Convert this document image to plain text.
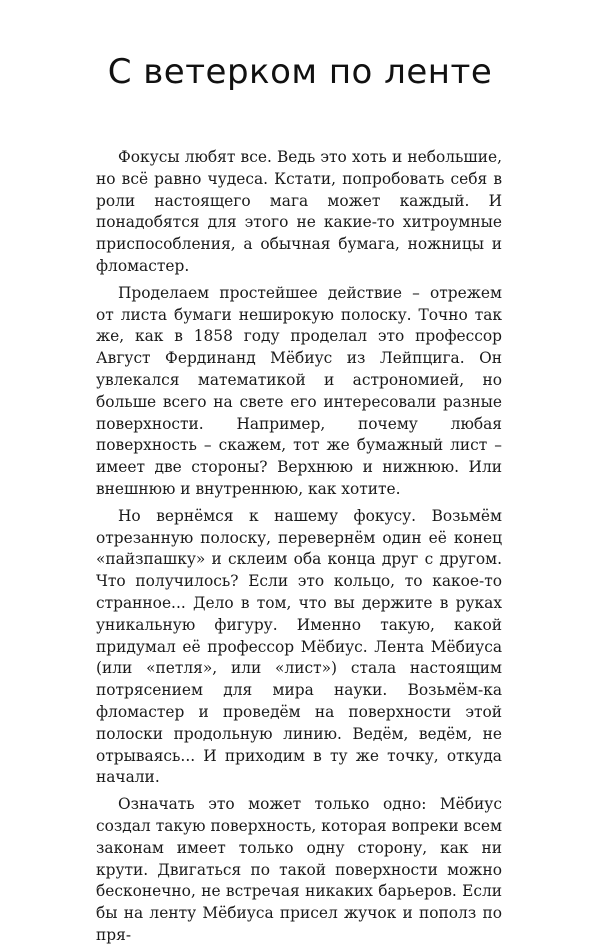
С ветерком по ленте

Фокусы любят все. Ведь это хоть и небольшие, но всё равно чудеса. Кстати, попробовать себя в роли настоящего мага может каждый. И понадобятся для этого не какие-то хитроумные приспособления, а обычная бумага, ножницы и фломастер.

Проделаем простейшее действие – отрежем от листа бумаги неширокую полоску. Точно так же, как в 1858 году проделал это профессор Август Фердинанд Мёбиус из Лейпцига. Он увлекался математикой и астрономией, но больше всего на свете его интересовали разные поверхности. Например, почему любая поверхность – скажем, тот же бумажный лист – имеет две стороны? Верхнюю и нижнюю. Или внешнюю и внутреннюю, как хотите.

Но вернёмся к нашему фокусу. Возьмём отрезанную полоску, перевернём один её конец «пайзпашку» и склеим оба конца друг с другом. Что получилось? Если это кольцо, то какое-то странное... Дело в том, что вы держите в руках уникальную фигуру. Именно такую, какой придумал её профессор Мёбиус. Лента Мёбиуса (или «петля», или «лист») стала настоящим потрясением для мира науки. Возьмём-ка фломастер и проведём на поверхности этой полоски продольную линию. Ведём, ведём, не отрываясь... И приходим в ту же точку, откуда начали.

Означать это может только одно: Мёбиус создал такую поверхность, которая вопреки всем законам имеет только одну сторону, как ни крути. Двигаться по такой поверхности можно бесконечно, не встречая никаких барьеров. Если бы на ленту Мёбиуса присел жучок и пополз по пря-
